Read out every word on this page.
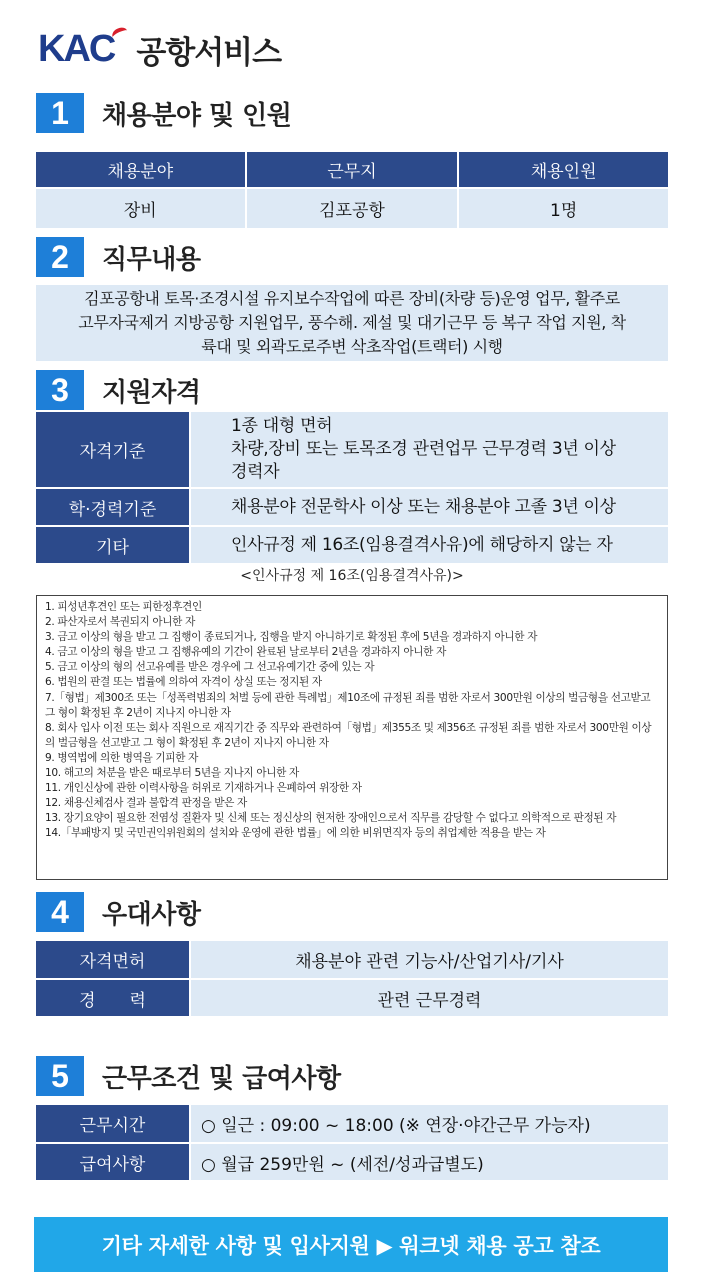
KAC 공항서비스
1	채용분야 및 인원
채용분야	근무지	채용인원
장비	김포공항	1명
2	직무내용
김포공항내 토목·조경시설 유지보수작업에 따른 장비(차량 등)운영 업무, 활주로
고무자국제거 지방공항 지원업무, 풍수해. 제설 및 대기근무 등 복구 작업 지원, 착
륙대 및 외곽도로주변 삭초작업(트랙터) 시행
3	지원자격
자격기준	1종 대형 면허
차량,장비 또는 토목조경 관련업무 근무경력 3년 이상
경력자

학·경력기준	채용분야 전문학사 이상 또는 채용분야 고졸 3년 이상

기타	인사규정 제 16조(임용결격사유)에 해당하지 않는 자
<인사규정 제 16조(임용결격사유)>
1. 피성년후견인 또는 피한정후견인
2. 파산자로서 복권되지 아니한 자
3. 금고 이상의 형을 받고 그 집행이 종료되거나, 집행을 받지 아니하기로 확정된 후에 5년을 경과하지 아니한 자
4. 금고 이상의 형을 받고 그 집행유예의 기간이 완료된 날로부터 2년을 경과하지 아니한 자
5. 금고 이상의 형의 선고유예를 받은 경우에 그 선고유예기간 중에 있는 자
6. 법원의 판결 또는 법률에 의하여 자격이 상실 또는 정지된 자
7.「형법」제300조 또는「성폭력범죄의 처벌 등에 관한 특례법」제10조에 규정된 죄를 범한 자로서 300만원 이상의 벌금형을 선고받고 그 형이 확정된 후 2년이 지나지 아니한 자
8. 회사 입사 이전 또는 회사 직원으로 재직기간 중 직무와 관련하여「형법」제355조 및 제356조 규정된 죄를 범한 자로서 300만원 이상의 벌금형을 선고받고 그 형이 확정된 후 2년이 지나지 아니한 자
9. 병역법에 의한 병역을 기피한 자
10. 해고의 처분을 받은 때로부터 5년을 지나지 아니한 자
11. 개인신상에 관한 이력사항을 허위로 기재하거나 은폐하여 위장한 자
12. 채용신체검사 결과 불합격 판정을 받은 자
13. 장기요양이 필요한 전염성 질환자 및 신체 또는 정신상의 현저한 장애인으로서 직무를 감당할 수 없다고 의학적으로 판정된 자
14.「부패방지 및 국민권익위원회의 설치와 운영에 관한 법률」에 의한 비위면직자 등의 취업제한 적용을 받는 자
4	우대사항
자격면허	채용분야 관련 기능사/산업기사/기사
경　　력	관련 근무경력
5	근무조건 및 급여사항
근무시간	○ 일근 : 09:00 ~ 18:00 (※ 연장·야간근무 가능자)
급여사항	○ 월급 259만원 ~ (세전/성과급별도)
기타 자세한 사항 및 입사지원 ▶ 워크넷 채용 공고 참조
